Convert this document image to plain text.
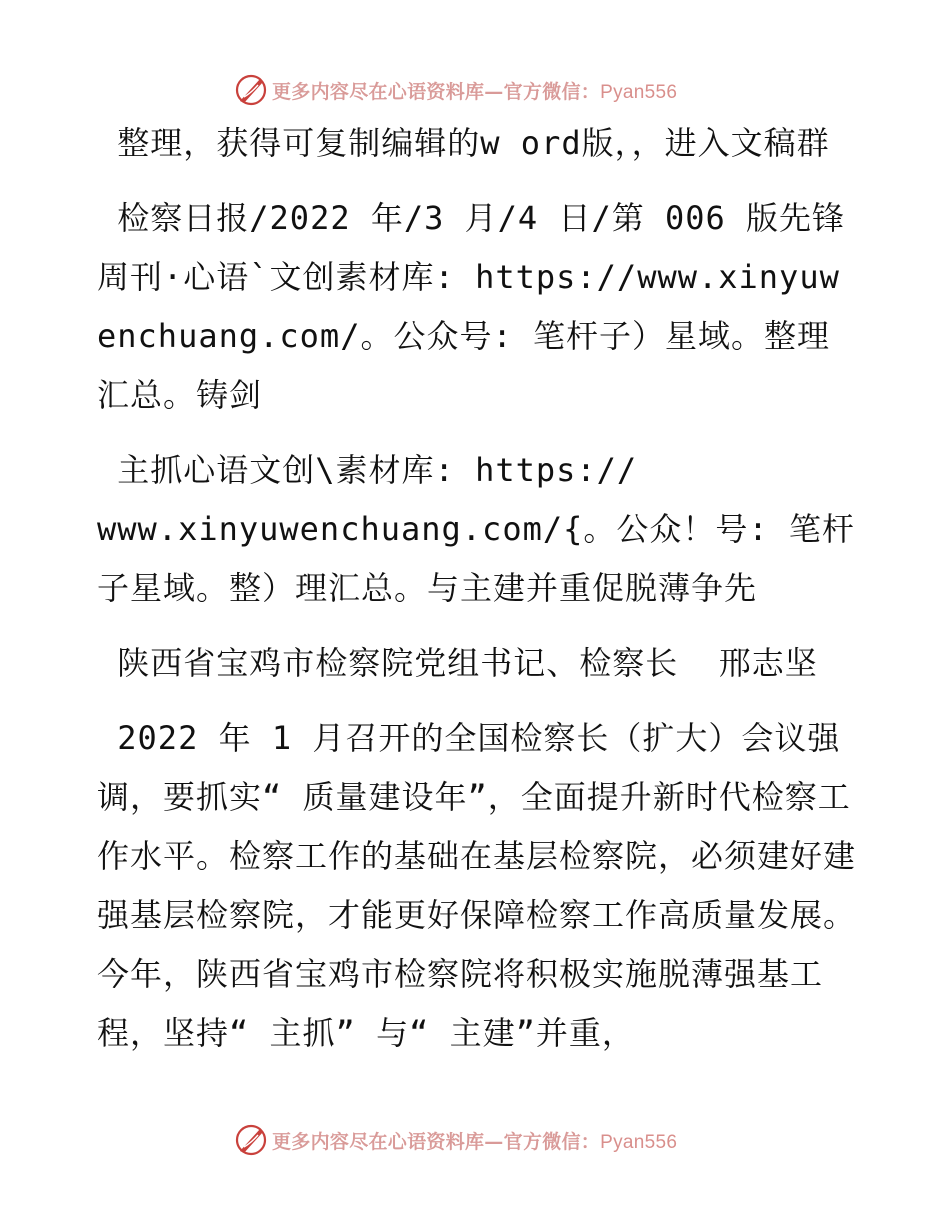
更多内容尽在心语资料库—官方微信：Pyan556

整理，获得可复制编辑的w ord版，，进入文稿群

检察日报/2022 年/3 月/4 日/第 006 版先锋周刊·心语`文创素材库: https://www.xinyuwenchuang.com/。公众号: 笔杆子）星域。整理汇总。铸剑

主抓心语文创\素材库: https://
www.xinyuwenchuang.com/{。公众！号: 笔杆子星域。整）理汇总。与主建并重促脱薄争先

陕西省宝鸡市检察院党组书记、检察长  邢志坚

2022 年 1 月召开的全国检察长（扩大）会议强调，要抓实“ 质量建设年”，全面提升新时代检察工作水平。检察工作的基础在基层检察院，必须建好建强基层检察院，才能更好保障检察工作高质量发展。今年，陕西省宝鸡市检察院将积极实施脱薄强基工程，坚持“ 主抓” 与“ 主建”并重，

更多内容尽在心语资料库—官方微信：Pyan556
